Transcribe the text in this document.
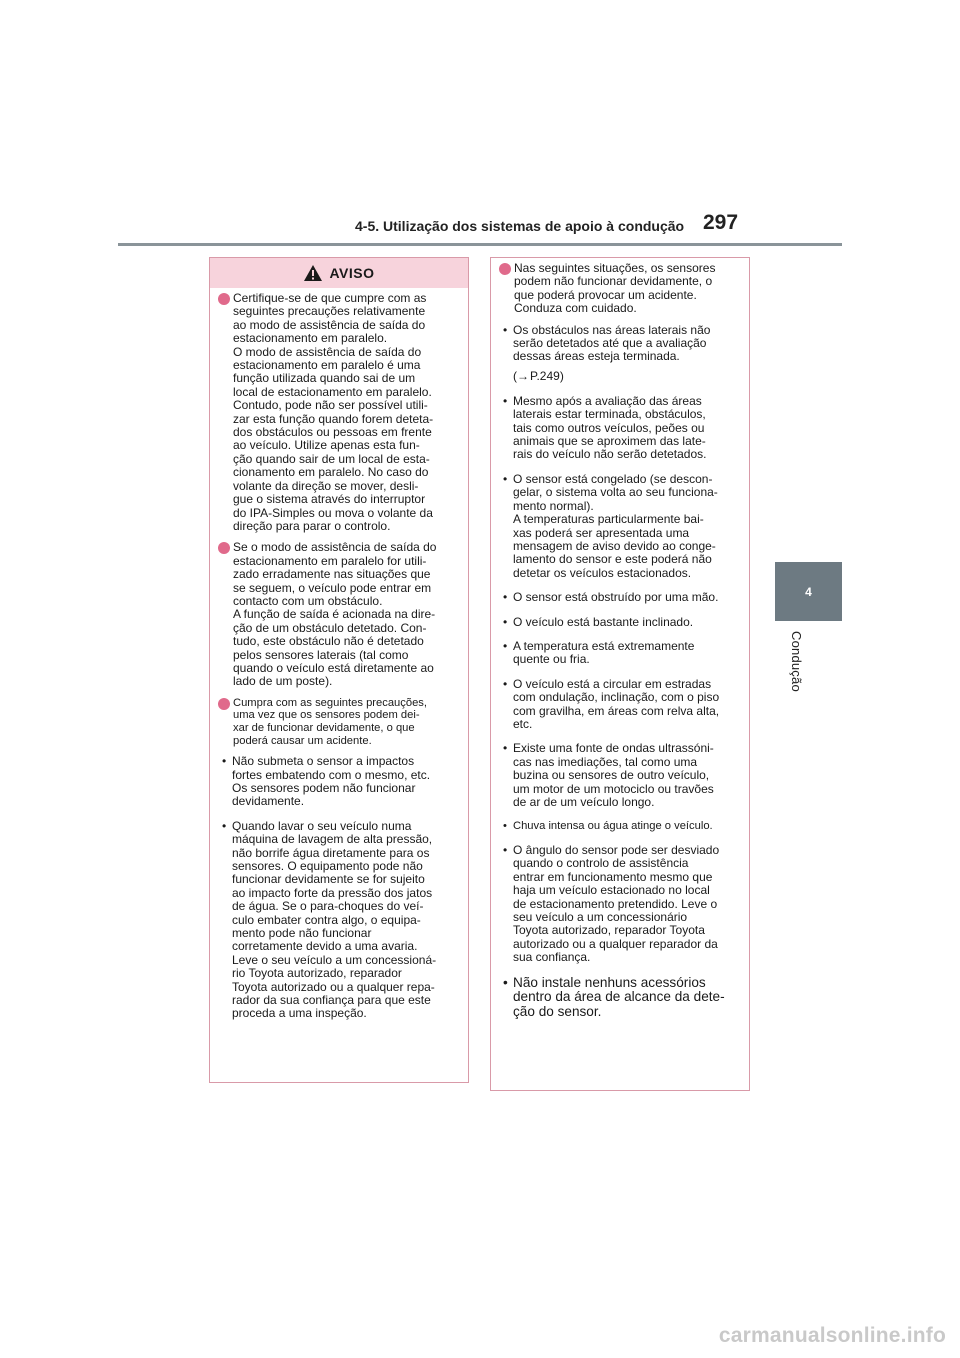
4-5. Utilização dos sistemas de apoio à condução 297
4
Condução
AVISO
Certifique-se de que cumpre com as
seguintes precauções relativamente
ao modo de assistência de saída do
estacionamento em paralelo.
O modo de assistência de saída do
estacionamento em paralelo é uma
função utilizada quando sai de um
local de estacionamento em paralelo.
Contudo, pode não ser possível utili-
zar esta função quando forem deteta-
dos obstáculos ou pessoas em frente
ao veículo. Utilize apenas esta fun-
ção quando sair de um local de esta-
cionamento em paralelo. No caso do
volante da direção se mover, desli-
gue o sistema através do interruptor
do IPA-Simples ou mova o volante da
direção para parar o controlo.
Se o modo de assistência de saída do
estacionamento em paralelo for utili-
zado erradamente nas situações que
se seguem, o veículo pode entrar em
contacto com um obstáculo.
A função de saída é acionada na dire-
ção de um obstáculo detetado. Con-
tudo, este obstáculo não é detetado
pelos sensores laterais (tal como
quando o veículo está diretamente ao
lado de um poste).
Cumpra com as seguintes precauções,
uma vez que os sensores podem dei-
xar de funcionar devidamente, o que
poderá causar um acidente.
• Não submeta o sensor a impactos
fortes embatendo com o mesmo, etc.
Os sensores podem não funcionar
devidamente.
• Quando lavar o seu veículo numa
máquina de lavagem de alta pressão,
não borrife água diretamente para os
sensores. O equipamento pode não
funcionar devidamente se for sujeito
ao impacto forte da pressão dos jatos
de água. Se o para-choques do veí-
culo embater contra algo, o equipa-
mento pode não funcionar
corretamente devido a uma avaria.
Leve o seu veículo a um concessioná-
rio Toyota autorizado, reparador
Toyota autorizado ou a qualquer repa-
rador da sua confiança para que este
proceda a uma inspeção.
Nas seguintes situações, os sensores
podem não funcionar devidamente, o
que poderá provocar um acidente.
Conduza com cuidado.
• Os obstáculos nas áreas laterais não
serão detetados até que a avaliação
dessas áreas esteja terminada.
( → P.249 )
• Mesmo após a avaliação das áreas
laterais estar terminada, obstáculos,
tais como outros veículos, peões ou
animais que se aproximem das late-
rais do veículo não serão detetados.
• O sensor está congelado (se descon-
gelar, o sistema volta ao seu funciona-
mento normal).
A temperaturas particularmente bai-
xas poderá ser apresentada uma
mensagem de aviso devido ao conge-
lamento do sensor e este poderá não
detetar os veículos estacionados.
• O sensor está obstruído por uma mão.
• O veículo está bastante inclinado.
• A temperatura está extremamente
quente ou fria.
• O veículo está a circular em estradas
com ondulação, inclinação, com o piso
com gravilha, em áreas com relva alta,
etc.
• Existe uma fonte de ondas ultrassóni-
cas nas imediações, tal como uma
buzina ou sensores de outro veículo,
um motor de um motociclo ou travões
de ar de um veículo longo.
• Chuva intensa ou água atinge o veículo.
• O ângulo do sensor pode ser desviado
quando o controlo de assistência
entrar em funcionamento mesmo que
haja um veículo estacionado no local
de estacionamento pretendido. Leve o
seu veículo a um concessionário
Toyota autorizado, reparador Toyota
autorizado ou a qualquer reparador da
sua confiança.
• Não instale nenhuns acessórios
dentro da área de alcance da dete-
ção do sensor.
carmanualsonline.info
